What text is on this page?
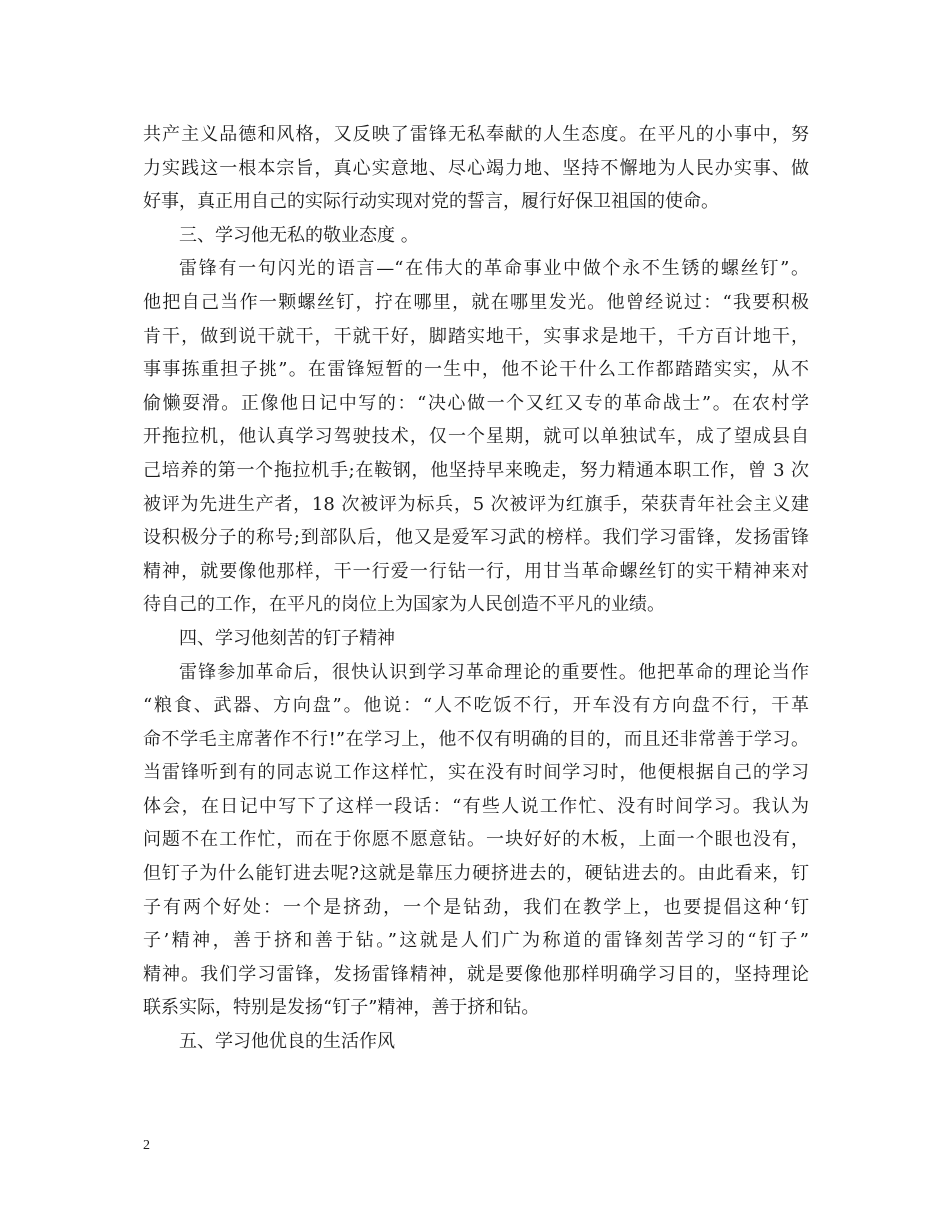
共产主义品德和风格，又反映了雷锋无私奉献的人生态度。在平凡的小事中，努
力实践这一根本宗旨，真心实意地、尽心竭力地、坚持不懈地为人民办实事、做
好事，真正用自己的实际行动实现对党的誓言，履行好保卫祖国的使命。
三、学习他无私的敬业态度 。
雷锋有一句闪光的语言—“在伟大的革命事业中做个永不生锈的螺丝钉”。
他把自己当作一颗螺丝钉，拧在哪里，就在哪里发光。他曾经说过：“我要积极
肯干，做到说干就干，干就干好，脚踏实地干，实事求是地干，千方百计地干，
事事拣重担子挑”。在雷锋短暂的一生中，他不论干什么工作都踏踏实实，从不
偷懒耍滑。正像他日记中写的：“决心做一个又红又专的革命战士”。在农村学
开拖拉机，他认真学习驾驶技术，仅一个星期，就可以单独试车，成了望成县自
己培养的第一个拖拉机手;在鞍钢，他坚持早来晚走，努力精通本职工作，曾 3 次
被评为先进生产者，18 次被评为标兵，5 次被评为红旗手，荣获青年社会主义建
设积极分子的称号;到部队后，他又是爱军习武的榜样。我们学习雷锋，发扬雷锋
精神，就要像他那样，干一行爱一行钻一行，用甘当革命螺丝钉的实干精神来对
待自己的工作，在平凡的岗位上为国家为人民创造不平凡的业绩。
四、学习他刻苦的钉子精神
雷锋参加革命后，很快认识到学习革命理论的重要性。他把革命的理论当作
“粮食、武器、方向盘”。他说：“人不吃饭不行，开车没有方向盘不行，干革
命不学毛主席著作不行!”在学习上，他不仅有明确的目的，而且还非常善于学习。
当雷锋听到有的同志说工作这样忙，实在没有时间学习时，他便根据自己的学习
体会，在日记中写下了这样一段话：“有些人说工作忙、没有时间学习。我认为
问题不在工作忙，而在于你愿不愿意钻。一块好好的木板，上面一个眼也没有，
但钉子为什么能钉进去呢?这就是靠压力硬挤进去的，硬钻进去的。由此看来，钉
子有两个好处：一个是挤劲，一个是钻劲，我们在教学上，也要提倡这种‘钉
子’精神，善于挤和善于钻。”这就是人们广为称道的雷锋刻苦学习的“钉子”
精神。我们学习雷锋，发扬雷锋精神，就是要像他那样明确学习目的，坚持理论
联系实际，特别是发扬“钉子”精神，善于挤和钻。
五、学习他优良的生活作风
2
